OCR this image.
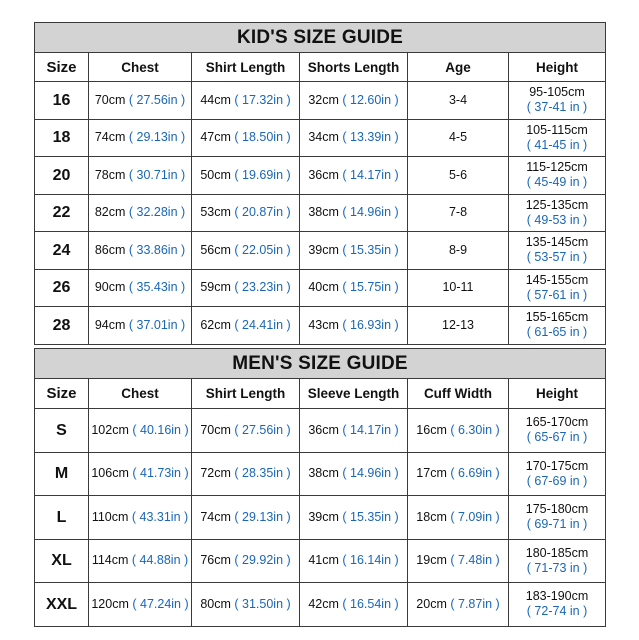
KID'S SIZE GUIDE					
Size	Chest	Shirt Length	Shorts Length	Age	Height
16	70cm ( 27.56in )	44cm ( 17.32in )	32cm ( 12.60in )	3-4	95-105cm
( 37-41 in )

18	74cm ( 29.13in )	47cm ( 18.50in )	34cm ( 13.39in )	4-5	105-115cm
( 41-45 in )

20	78cm ( 30.71in )	50cm ( 19.69in )	36cm ( 14.17in )	5-6	115-125cm
( 45-49 in )

22	82cm ( 32.28in )	53cm ( 20.87in )	38cm ( 14.96in )	7-8	125-135cm
( 49-53 in )

24	86cm ( 33.86in )	56cm ( 22.05in )	39cm ( 15.35in )	8-9	135-145cm
( 53-57 in )

26	90cm ( 35.43in )	59cm ( 23.23in )	40cm ( 15.75in )	10-11	145-155cm
( 57-61 in )

28	94cm ( 37.01in )	62cm ( 24.41in )	43cm ( 16.93in )	12-13	155-165cm
( 61-65 in )
MEN'S SIZE GUIDE					
Size	Chest	Shirt Length	Sleeve Length	Cuff Width	Height
S	102cm ( 40.16in )	70cm ( 27.56in )	36cm ( 14.17in )	16cm ( 6.30in )	165-170cm
( 65-67 in )

M	106cm ( 41.73in )	72cm ( 28.35in )	38cm ( 14.96in )	17cm ( 6.69in )	170-175cm
( 67-69 in )

L	110cm ( 43.31in )	74cm ( 29.13in )	39cm ( 15.35in )	18cm ( 7.09in )	175-180cm
( 69-71 in )

XL	114cm ( 44.88in )	76cm ( 29.92in )	41cm ( 16.14in )	19cm ( 7.48in )	180-185cm
( 71-73 in )

XXL	120cm ( 47.24in )	80cm ( 31.50in )	42cm ( 16.54in )	20cm ( 7.87in )	183-190cm
( 72-74 in )
